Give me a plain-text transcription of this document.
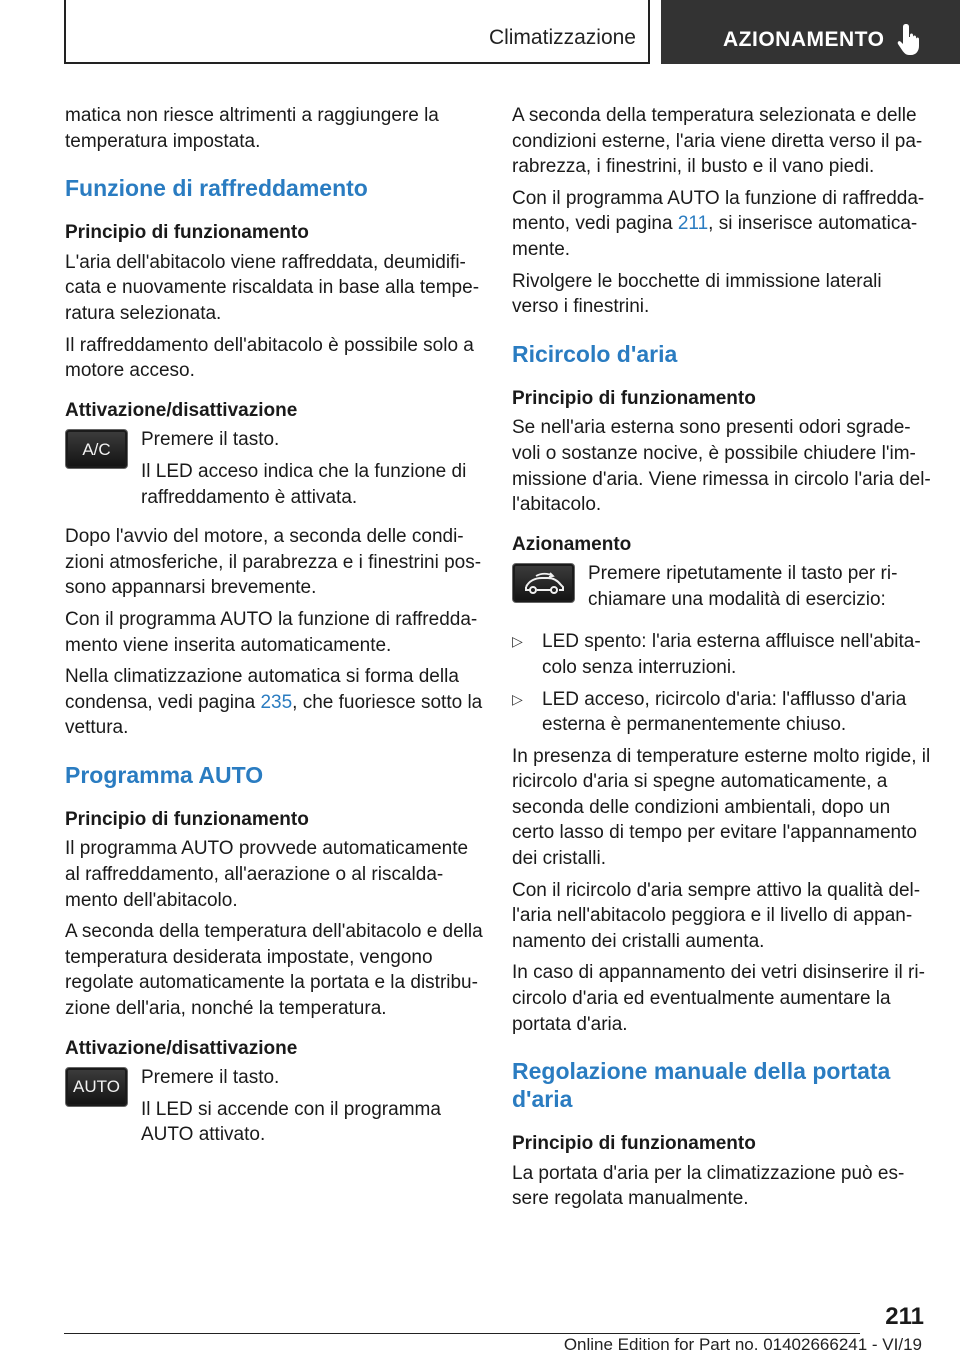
Climatizzazione	AZIONAMENTO

matica non riesce altrimenti a raggiungere la temperatura impostata.

Funzione di raffreddamento
Principio di funzionamento

L'aria dell'abitacolo viene raffreddata, deumidifi-cata e nuovamente riscaldata in base alla tempe-ratura selezionata.

Il raffreddamento dell'abitacolo è possibile solo a motore acceso.

Attivazione/disattivazione
A/C	Premere il tasto.

Il LED acceso indica che la funzione di raffreddamento è attivata.

Dopo l'avvio del motore, a seconda delle condi-zioni atmosferiche, il parabrezza e i finestrini pos-sono appannarsi brevemente.

Con il programma AUTO la funzione di raffredda-mento viene inserita automaticamente.

Nella climatizzazione automatica si forma della condensa, vedi pagina 235, che fuoriesce sotto la vettura.

Programma AUTO
Principio di funzionamento

Il programma AUTO provvede automaticamente al raffreddamento, all'aerazione o al riscalda-mento dell'abitacolo.

A seconda della temperatura dell'abitacolo e della temperatura desiderata impostate, vengono regolate automaticamente la portata e la distribu-zione dell'aria, nonché la temperatura.

Attivazione/disattivazione
AUTO	Premere il tasto.

Il LED si accende con il programma AUTO attivato.

A seconda della temperatura selezionata e delle condizioni esterne, l'aria viene diretta verso il pa-rabrezza, i finestrini, il busto e il vano piedi.

Con il programma AUTO la funzione di raffredda-mento, vedi pagina 211, si inserisce automatica-mente.

Rivolgere le bocchette di immissione laterali verso i finestrini.

Ricircolo d'aria
Principio di funzionamento

Se nell'aria esterna sono presenti odori sgrade-voli o sostanze nocive, è possibile chiudere l'im-missione d'aria. Viene rimessa in circolo l'aria del-l'abitacolo.

Azionamento

Premere ripetutamente il tasto per ri-chiamare una modalità di esercizio:

▷ LED spento: l'aria esterna affluisce nell'abita-colo senza interruzioni.
▷ LED acceso, ricircolo d'aria: l'afflusso d'aria esterna è permanentemente chiuso.

In presenza di temperature esterne molto rigide, il ricircolo d'aria si spegne automaticamente, a seconda delle condizioni ambientali, dopo un certo lasso di tempo per evitare l'appannamento dei cristalli.

Con il ricircolo d'aria sempre attivo la qualità del-l'aria nell'abitacolo peggiora e il livello di appan-namento dei cristalli aumenta.

In caso di appannamento dei vetri disinserire il ri-circolo d'aria ed eventualmente aumentare la portata d'aria.

Regolazione manuale della portata d'aria
Principio di funzionamento

La portata d'aria per la climatizzazione può es-sere regolata manualmente.

211
Online Edition for Part no. 01402666241 - VI/19
